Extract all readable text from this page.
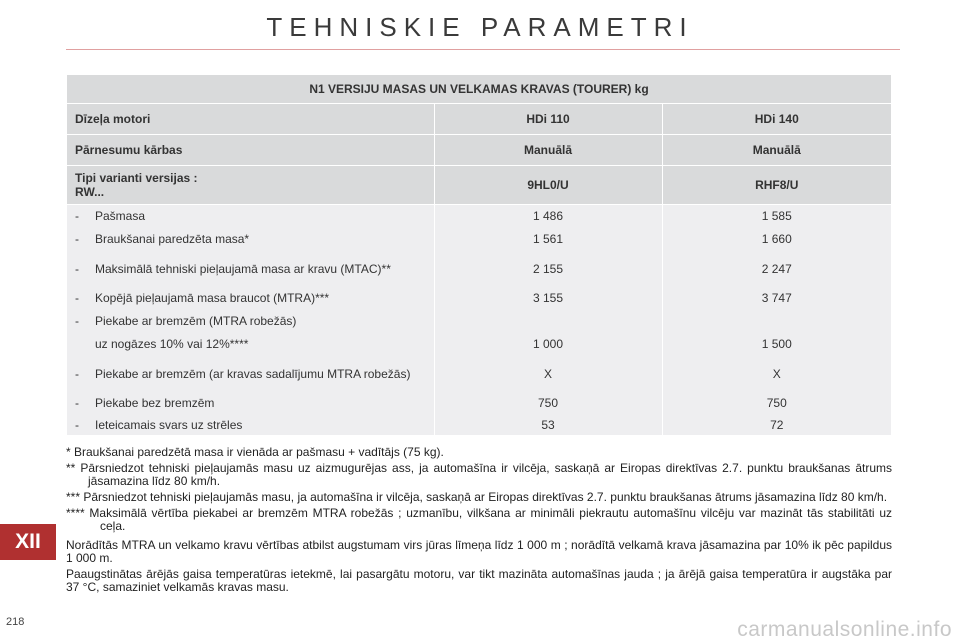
TEHNISKIE PARAMETRI
N1 VERSIJU MASAS UN VELKAMAS KRAVAS (TOURER) kg		
Dīzeļa motori	HDi 110	HDi 140
Pārnesumu kārbas	Manuālā	Manuālā

Tipi varianti versijas :
RW...	9HL0/U	RHF8/U

- Pašmasa	1 486	1 585

- Braukšanai paredzēta masa*	1 561	1 660

- Maksimālā tehniski pieļaujamā masa ar kravu (MTAC)**	2 155	2 247

- Kopējā pieļaujamā masa braucot (MTRA)***	3 155	3 747

- Piekabe ar bremzēm (MTRA robežās)		

uz nogāzes 10% vai 12%****	1 000	1 500

- Piekabe ar bremzēm (ar kravas sadalījumu MTRA robežās)	X	X

- Piekabe bez bremzēm	750	750

- Ieteicamais svars uz strēles	53	72

* Braukšanai paredzētā masa ir vienāda ar pašmasu + vadītājs (75 kg).

** Pārsniedzot tehniski pieļaujamās masu uz aizmugurējas ass, ja automašīna ir vilcēja, saskaņā ar Eiropas direktīvas 2.7. punktu braukšanas ātrums jāsamazina līdz 80 km/h.

*** Pārsniedzot tehniski pieļaujamās masu, ja automašīna ir vilcēja, saskaņā ar Eiropas direktīvas 2.7. punktu braukšanas ātrums jāsamazina līdz 80 km/h.

**** Maksimālā vērtība piekabei ar bremzēm MTRA robežās ; uzmanību, vilkšana ar minimāli piekrautu automašīnu vilcēju var mazināt tās stabilitāti uz ceļa.

Norādītās MTRA un velkamo kravu vērtības atbilst augstumam virs jūras līmeņa līdz 1 000 m ; norādītā velkamā krava jāsamazina par 10% ik pēc papildus 1 000 m.

Paaugstinātas ārējās gaisa temperatūras ietekmē, lai pasargātu motoru, var tikt mazināta automašīnas jauda ; ja ārējā gaisa temperatūra ir augstāka par 37 °C, samaziniet velkamās kravas masu.

XII
218	carmanualsonline.info
